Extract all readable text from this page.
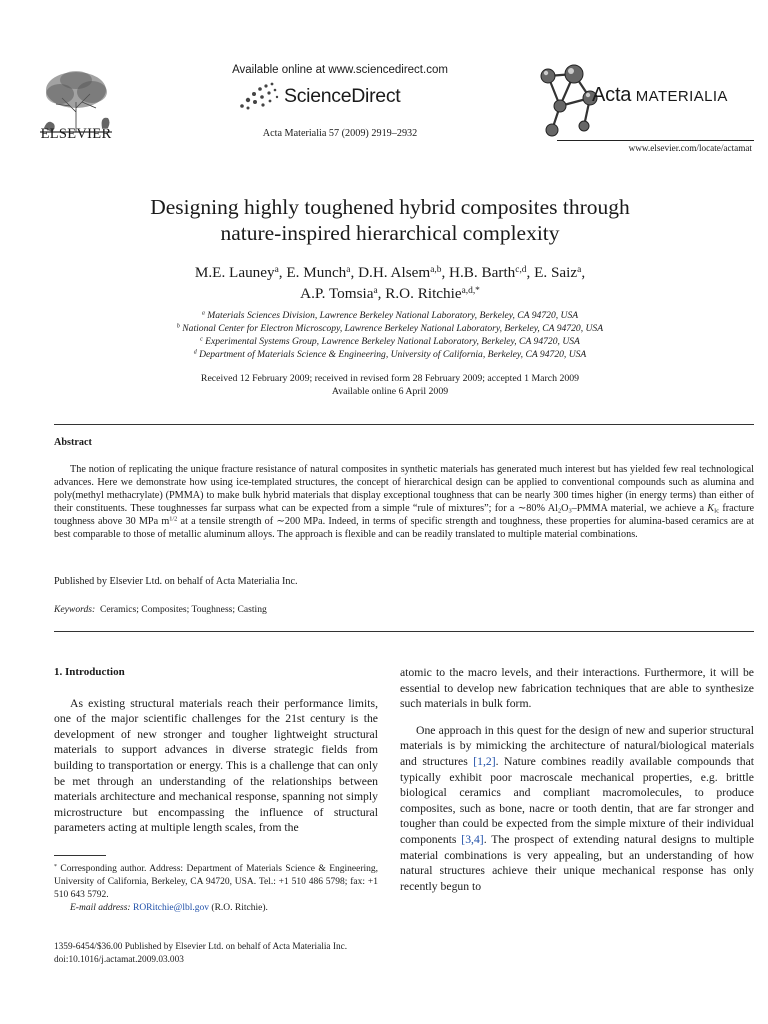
ELSEVIER
Available online at www.sciencedirect.com
ScienceDirect
Acta Materialia 57 (2009) 2919–2932
Acta MATERIALIA
www.elsevier.com/locate/actamat
Designing highly toughened hybrid composites through
nature-inspired hierarchical complexity
M.E. Launey$^a$, E. Munch$^a$, D.H. Alsem$^{a,b}$, H.B. Barth$^{c,d}$, E. Saiz$^a$,
A.P. Tomsia$^a$, R.O. Ritchie$^{a,d,*}$
$^a$ Materials Sciences Division, Lawrence Berkeley National Laboratory, Berkeley, CA 94720, USA
$^b$ National Center for Electron Microscopy, Lawrence Berkeley National Laboratory, Berkeley, CA 94720, USA
$^c$ Experimental Systems Group, Lawrence Berkeley National Laboratory, Berkeley, CA 94720, USA
$^d$ Department of Materials Science & Engineering, University of California, Berkeley, CA 94720, USA
Received 12 February 2009; received in revised form 28 February 2009; accepted 1 March 2009
Available online 6 April 2009
Abstract
The notion of replicating the unique fracture resistance of natural composites in synthetic materials has generated much interest but has yielded few real technological advances. Here we demonstrate how using ice-templated structures, the concept of hierarchical design can be applied to conventional compounds such as alumina and poly(methyl methacrylate) (PMMA) to make bulk hybrid materials that display exceptional toughness that can be nearly 300 times higher (in energy terms) than either of their constituents. These toughnesses far surpass what can be expected from a simple “rule of mixtures”; for a ∼80% $Al_2O_3$–PMMA material, we achieve a $K_{Ic}$ fracture toughness above 30 MPa $m^{1/2}$ at a tensile strength of ∼200 MPa. Indeed, in terms of specific strength and toughness, these properties for alumina-based ceramics are at best comparable to those of metallic aluminum alloys. The approach is flexible and can be readily translated to multiple material combinations.
Published by Elsevier Ltd. on behalf of Acta Materialia Inc.
Keywords: Ceramics; Composites; Toughness; Casting
1. Introduction

As existing structural materials reach their performance limits, one of the major scientific challenges for the 21st century is the development of new stronger and tougher lightweight structural materials to support advances in diverse strategic fields from building to transportation or energy. This is a challenge that can only be met through an understanding of the relationships between materials architecture and mechanical response, spanning not simply microstructure but encompassing the influence of structural parameters acting at multiple length scales, from the

atomic to the macro levels, and their interactions. Furthermore, it will be essential to develop new fabrication techniques that are able to synthesize such materials in bulk form.

One approach in this quest for the design of new and superior structural materials is by mimicking the architecture of natural/biological materials and structures [1,2]. Nature combines readily available compounds that typically exhibit poor macroscale mechanical properties, e.g. brittle biological ceramics and compliant macromolecules, to produce composites, such as bone, nacre or tooth dentin, that are far stronger and tougher than could be expected from the simple mixture of their individual components [3,4]. The prospect of extending natural designs to multiple material combinations is very appealing, but an understanding of how natural structures achieve their unique mechanical response has only recently begun to

* Corresponding author. Address: Department of Materials Science & Engineering, University of California, Berkeley, CA 94720, USA. Tel.: +1 510 486 5798; fax: +1 510 643 5792.
E-mail address: RORitchie@lbl.gov (R.O. Ritchie).
1359-6454/$36.00 Published by Elsevier Ltd. on behalf of Acta Materialia Inc.
doi:10.1016/j.actamat.2009.03.003
